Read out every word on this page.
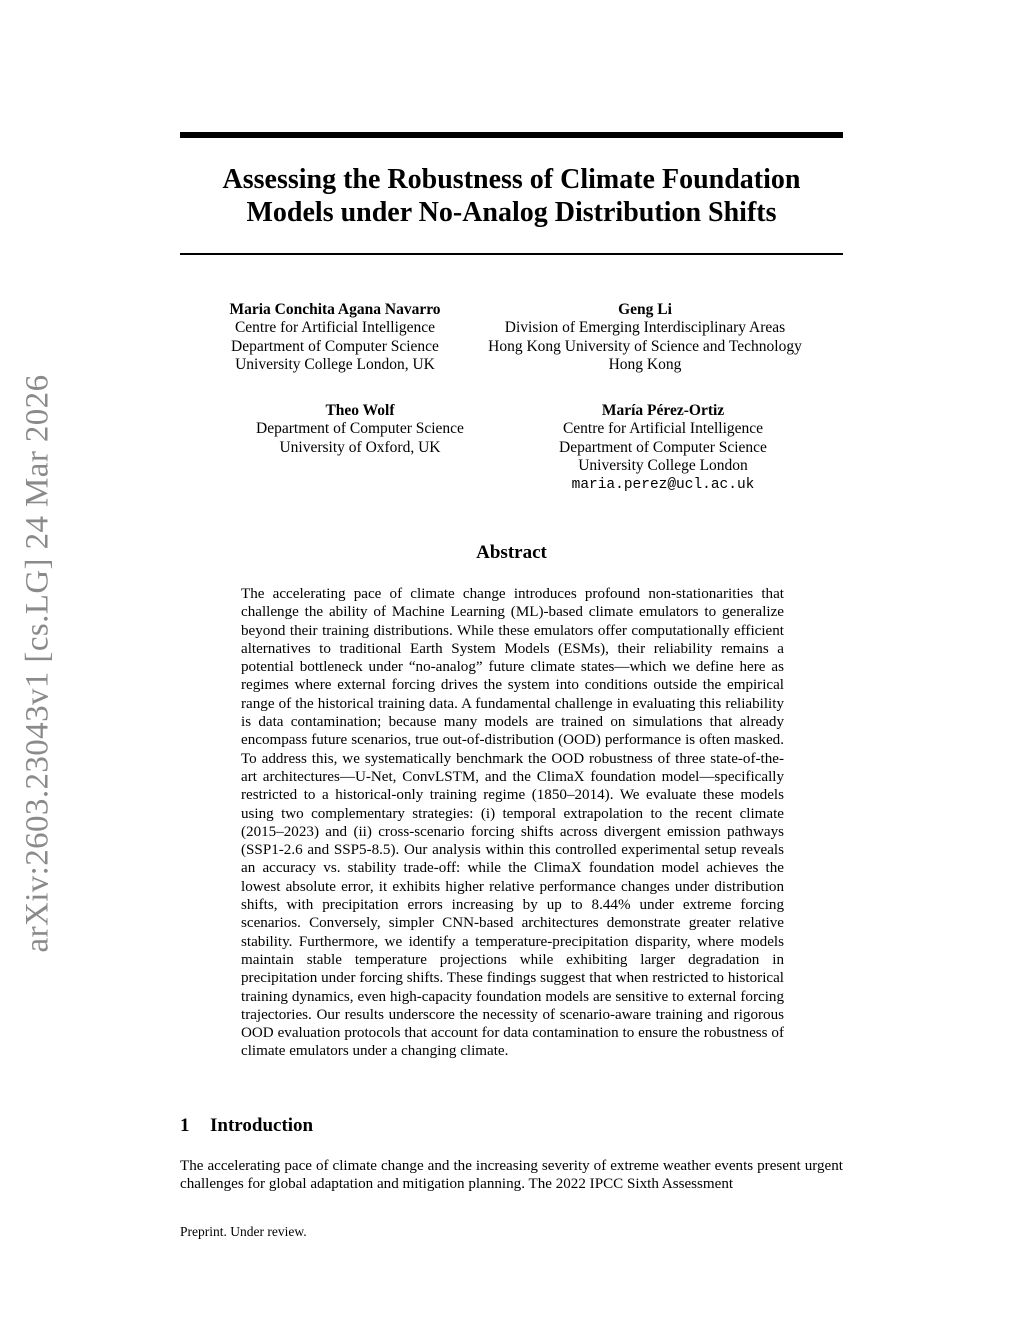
arXiv:2603.23043v1 [cs.LG] 24 Mar 2026
Assessing the Robustness of Climate Foundation
Models under No-Analog Distribution Shifts
Maria Conchita Agana Navarro
Centre for Artificial Intelligence
Department of Computer Science
University College London, UK
Geng Li
Division of Emerging Interdisciplinary Areas
Hong Kong University of Science and Technology
Hong Kong
Theo Wolf
Department of Computer Science
University of Oxford, UK
María Pérez-Ortiz
Centre for Artificial Intelligence
Department of Computer Science
University College London
maria.perez@ucl.ac.uk
Abstract

The accelerating pace of climate change introduces profound non-stationarities that challenge the ability of Machine Learning (ML)-based climate emulators to generalize beyond their training distributions. While these emulators offer computationally efficient alternatives to traditional Earth System Models (ESMs), their reliability remains a potential bottleneck under “no-analog” future climate states—which we define here as regimes where external forcing drives the system into conditions outside the empirical range of the historical training data. A fundamental challenge in evaluating this reliability is data contamination; because many models are trained on simulations that already encompass future scenarios, true out-of-distribution (OOD) performance is often masked. To address this, we systematically benchmark the OOD robustness of three state-of-the-art architectures—U-Net, ConvLSTM, and the ClimaX foundation model—specifically restricted to a historical-only training regime (1850–2014). We evaluate these models using two complementary strategies: (i) temporal extrapolation to the recent climate (2015–2023) and (ii) cross-scenario forcing shifts across divergent emission pathways (SSP1-2.6 and SSP5-8.5). Our analysis within this controlled experimental setup reveals an accuracy vs. stability trade-off: while the ClimaX foundation model achieves the lowest absolute error, it exhibits higher relative performance changes under distribution shifts, with precipitation errors increasing by up to 8.44% under extreme forcing scenarios. Conversely, simpler CNN-based architectures demonstrate greater relative stability. Furthermore, we identify a temperature-precipitation disparity, where models maintain stable temperature projections while exhibiting larger degradation in precipitation under forcing shifts. These findings suggest that when restricted to historical training dynamics, even high-capacity foundation models are sensitive to external forcing trajectories. Our results underscore the necessity of scenario-aware training and rigorous OOD evaluation protocols that account for data contamination to ensure the robustness of climate emulators under a changing climate.

1 Introduction

The accelerating pace of climate change and the increasing severity of extreme weather events present urgent challenges for global adaptation and mitigation planning. The 2022 IPCC Sixth Assessment

Preprint. Under review.
